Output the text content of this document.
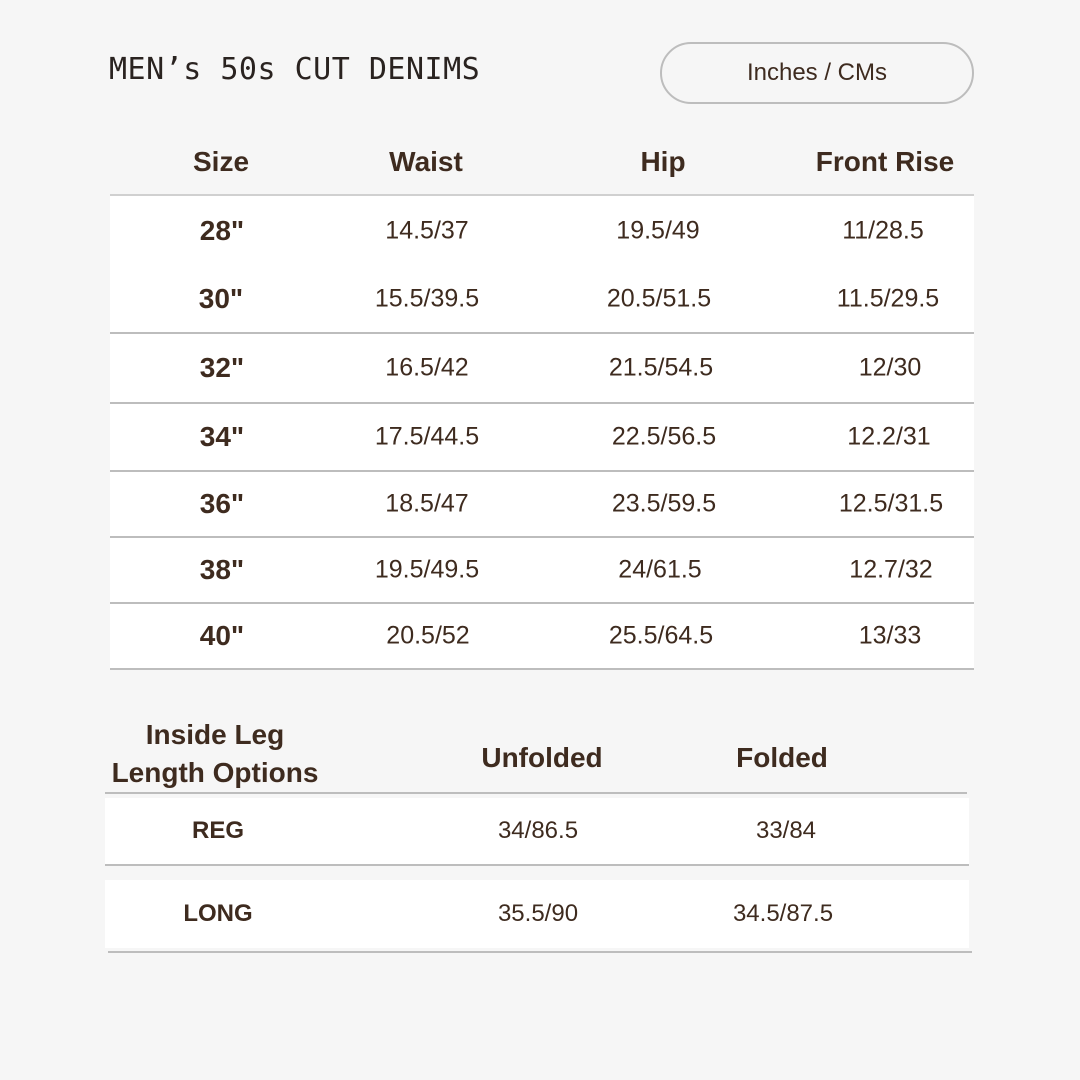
MEN’s 50s CUT DENIMS	Inches / CMs
Size	Waist	Hip	Front Rise
28"	14.5/37	19.5/49	11/28.5
30"	15.5/39.5	20.5/51.5	11.5/29.5
32"	16.5/42	21.5/54.5	12/30
34"	17.5/44.5	22.5/56.5	12.2/31
36"	18.5/47	23.5/59.5	12.5/31.5
38"	19.5/49.5	24/61.5	12.7/32
40"	20.5/52	25.5/64.5	13/33
Inside Leg
Length Options	Unfolded	Folded
REG	34/86.5	33/84
LONG	35.5/90	34.5/87.5
